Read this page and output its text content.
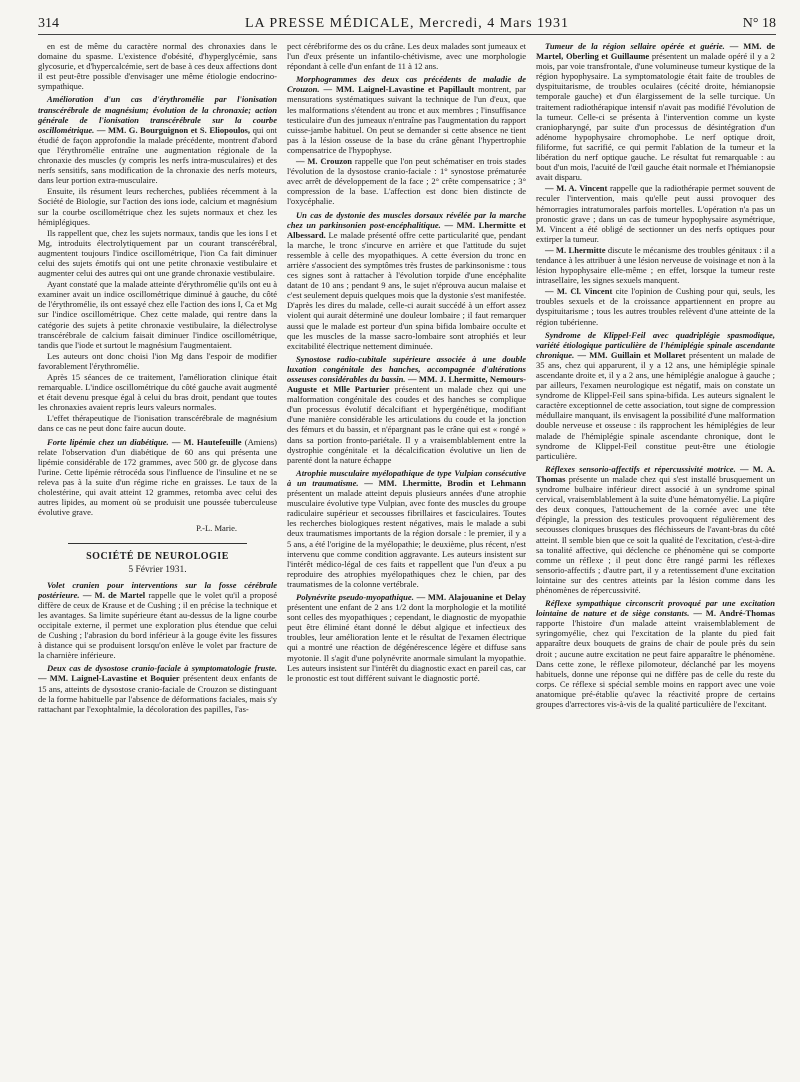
314	LA PRESSE MÉDICALE, Mercredi, 4 Mars 1931	N° 18

en est de même du caractère normal des chronaxies dans le domaine du spasme. L'existence d'obésité, d'hyperglycémie, sans glycosurie, et d'hypercalcémie, sert de base à ces deux affections dont il est peut-être possible d'envisager une même étiologie endocrino-sympathique.

Amélioration d'un cas d'érythromélie par l'ionisation transcérébrale de magnésium; évolution de la chronaxie; action générale de l'ionisation transcérébrale sur la courbe oscillométrique. — MM. G. Bourguignon et S. Eliopoulos, qui ont étudié de façon approfondie la malade précédente, montrent d'abord que l'érythromélie entraîne une augmentation régionale de la chronaxie des muscles (y compris les nerfs intra-musculaires) et des nerfs sensitifs, sans modification de la chronaxie des nerfs moteurs, dans leur portion extra-musculaire.

Ensuite, ils résument leurs recherches, publiées récemment à la Société de Biologie, sur l'action des ions iode, calcium et magnésium sur la courbe oscillométrique chez les sujets normaux et chez les hémiplégiques.

Ils rappellent que, chez les sujets normaux, tandis que les ions I et Mg, introduits électrolytiquement par un courant transcérébral, augmentent toujours l'indice oscillométrique, l'ion Ca fait diminuer celui des sujets émotifs qui ont une petite chronaxie vestibulaire et augmenter celui des autres qui ont une grande chronaxie vestibulaire.

Ayant constaté que la malade atteinte d'érythromélie qu'ils ont eu à examiner avait un indice oscillométrique diminué à gauche, du côté de l'érythromélie, ils ont essayé chez elle l'action des ions I, Ca et Mg sur l'indice oscillométrique. Chez cette malade, qui rentre dans la catégorie des sujets à petite chronaxie vestibulaire, la diélectrolyse transcérébrale de calcium faisait diminuer l'indice oscillométrique, tandis que l'iode et surtout le magnésium l'augmentaient.

Les auteurs ont donc choisi l'ion Mg dans l'espoir de modifier favorablement l'érythromélie.

Après 15 séances de ce traitement, l'amélioration clinique était remarquable. L'indice oscillométrique du côté gauche avait augmenté et était devenu presque égal à celui du bras droit, pendant que toutes les chronaxies avaient repris leurs valeurs normales.

L'effet thérapeutique de l'ionisation transcérébrale de magnésium dans ce cas ne peut donc faire aucun doute.

Forte lipémie chez un diabétique. — M. Hautefeuille (Amiens) relate l'observation d'un diabétique de 60 ans qui présenta une lipémie considérable de 172 grammes, avec 500 gr. de glycose dans l'urine. Cette lipémie rétrocéda sous l'influence de l'insuline et ne se releva pas à la suite d'un régime riche en graisses. Le taux de la cholestérine, qui avait atteint 12 grammes, retomba avec celui des autres lipides, au moment où se produisit une poussée tuberculeuse évolutive grave.

P.-L. Marie.

SOCIÉTÉ DE NEUROLOGIE
5 Février 1931.

Volet cranien pour interventions sur la fosse cérébrale postérieure. — M. de Martel rappelle que le volet qu'il a proposé diffère de ceux de Krause et de Cushing ; il en précise la technique et les avantages. Sa limite supérieure étant au-dessus de la ligne courbe occipitale externe, il permet une exploration plus étendue que celui de Cushing ; l'abrasion du bord inférieur à la gouge évite les fissures à distance qui se produisent lorsqu'on enlève le volet par fracture de la charnière inférieure.

Deux cas de dysostose cranio-faciale à symptomatologie fruste. — MM. Laignel-Lavastine et Boquier présentent deux enfants de 15 ans, atteints de dysostose cranio-faciale de Crouzon se distinguant de la forme habituelle par l'absence de déformations faciales, mais s'y rattachant par l'exophtalmie, la décoloration des papilles, l'as-

pect cérébriforme des os du crâne. Les deux malades sont jumeaux et l'un d'eux présente un infantilo-chétivisme, avec une morphologie répondant à celle d'un enfant de 11 à 12 ans.

Morphogrammes des deux cas précédents de maladie de Crouzon. — MM. Laignel-Lavastine et Papillault montrent, par mensurations systématiques suivant la technique de l'un d'eux, que les malformations s'étendent au tronc et aux membres ; l'insuffisance testiculaire d'un des jumeaux n'entraîne pas l'augmentation du rapport cuisse-jambe habituel. On peut se demander si cette absence ne tient pas à la lésion osseuse de la base du crâne gênant l'hypertrophie compensatrice de l'hypophyse.

— M. Crouzon rappelle que l'on peut schématiser en trois stades l'évolution de la dysostose cranio-faciale : 1° synostose prématurée avec arrêt de développement de la face ; 2° crête compensatrice ; 3° compression de la base. L'affection est donc bien distincte de l'oxycéphalie.

Un cas de dystonie des muscles dorsaux révélée par la marche chez un parkinsonien post-encéphalitique. — MM. Lhermitte et Albessard. Le malade présenté offre cette particularité que, pendant la marche, le tronc s'incurve en arrière et que l'attitude du sujet ressemble à celle des myopathiques. A cette éversion du tronc en arrière s'associent des symptômes très frustes de parkinsonisme : tous ces signes sont à rattacher à l'évolution torpide d'une encéphalite datant de 10 ans ; pendant 9 ans, le sujet n'éprouva aucun malaise et c'est seulement depuis quelques mois que la dystonie s'est manifestée. D'après les dires du malade, celle-ci aurait succédé à un effort assez violent qui aurait déterminé une douleur lombaire ; il faut remarquer aussi que le malade est porteur d'un spina bifida lombaire occulte et que les muscles de la masse sacro-lombaire sont atrophiés et leur excitabilité électrique nettement diminuée.

Synostose radio-cubitale supérieure associée à une double luxation congénitale des hanches, accompagnée d'altérations osseuses considérables du bassin. — MM. J. Lhermitte, Nemours-Auguste et Mlle Parturier présentent un malade chez qui une malformation congénitale des coudes et des hanches se complique d'un processus évolutif décalcifiant et hypergénétique, modifiant d'une manière considérable les articulations du coude et la jonction des fémurs et du bassin, et n'épargnant pas le crâne qui est « rongé » dans sa portion fronto-pariétale. Il y a vraisemblablement entre la dystrophie congénitale et la décalcification évolutive un lien de parenté dont la nature échappe

Atrophie musculaire myélopathique de type Vulpian consécutive à un traumatisme. — MM. Lhermitte, Brodin et Lehmann présentent un malade atteint depuis plusieurs années d'une atrophie musculaire évolutive type Vulpian, avec fonte des muscles du groupe radiculaire supérieur et secousses fibrillaires et fasciculaires. Toutes les recherches biologiques restent négatives, mais le malade a subi deux traumatismes importants de la région dorsale : le premier, il y a 5 ans, a été l'origine de la myélopathie; le deuxième, plus récent, n'est intervenu que comme condition aggravante. Les auteurs insistent sur l'intérêt médico-légal de ces faits et rappellent que l'un d'eux a pu reproduire des atrophies myélopathiques chez le chien, par des traumatismes de la colonne vertébrale.

Polynévrite pseudo-myopathique. — MM. Alajouanine et Delay présentent une enfant de 2 ans 1/2 dont la morphologie et la motilité sont celles des myopathiques ; cependant, le diagnostic de myopathie peut être éliminé étant donné le début algique et infectieux des troubles, leur amélioration lente et le résultat de l'examen électrique qui a montré une réaction de dégénérescence légère et diffuse sans myotonie. Il s'agit d'une polynévrite anormale simulant la myopathie. Les auteurs insistent sur l'intérêt du diagnostic exact en pareil cas, car le pronostic est tout différent suivant le diagnostic porté.

Tumeur de la région sellaire opérée et guérie. — MM. de Martel, Oberling et Guillaume présentent un malade opéré il y a 2 mois, par voie transfrontale, d'une volumineuse tumeur kystique de la région hypophysaire. La symptomatologie était faite de troubles de dyspituitarisme, de troubles oculaires (cécité droite, hémianopsie temporale gauche) et d'un élargissement de la selle turcique. Un traitement radiothérapique intensif n'avait pas modifié l'évolution de la tumeur. Celle-ci se présenta à l'intervention comme un kyste craniopharyngé, par suite d'un processus de désintégration d'un adénome hypophysaire chromophobe. Le nerf optique droit, filiforme, fut sacrifié, ce qui permit l'ablation de la tumeur et la libération du nerf optique gauche. Le résultat fut remarquable : au bout d'un mois, l'acuité de l'œil gauche était normale et l'hémianopsie avait disparu.

— M. A. Vincent rappelle que la radiothérapie permet souvent de reculer l'intervention, mais qu'elle peut aussi provoquer des hémorragies intratumorales parfois mortelles. L'opération n'a pas un pronostic grave ; dans un cas de tumeur hypophysaire asymétrique, M. Vincent a été obligé de sectionner un des nerfs optiques pour extirper la tumeur.

— M. Lhermitte discute le mécanisme des troubles génitaux : il a tendance à les attribuer à une lésion nerveuse de voisinage et non à la lésion hypophysaire elle-même ; en effet, lorsque la tumeur reste intraselIaire, les signes sexuels manquent.

— M. Cl. Vincent cite l'opinion de Cushing pour qui, seuls, les troubles sexuels et de la croissance appartiennent en propre au dyspituitarisme ; tous les autres troubles relèvent d'une atteinte de la région tubérienne.

Syndrome de Klippel-Feil avec quadriplégie spasmodique, variété étiologique particulière de l'hémiplégie spinale ascendante chronique. — MM. Guillain et Mollaret présentent un malade de 35 ans, chez qui apparurent, il y a 12 ans, une hémiplégie spinale ascendante droite et, il y a 2 ans, une hémiplégie analogue à gauche ; par ailleurs, l'examen neurologique est négatif, mais on constate un syndrome de Klippel-Feil sans spina-bifida. Les auteurs signalent le caractère exceptionnel de cette association, tout signe de compression médullaire manquant, ils envisagent la possibilité d'une malformation double nerveuse et osseuse : ils rapprochent les hémiplégies de leur malade de l'hémiplégie spinale ascendante chronique, dont le syndrome de Klippel-Feil constitue peut-être une étiologie particulière.

Réflexes sensorio-affectifs et répercussivité motrice. — M. A. Thomas présente un malade chez qui s'est installé brusquement un syndrome bulbaire inférieur direct associé à un syndrome spinal cervical, vraisemblablement à la suite d'une hématomyélie. La piqûre des deux conques, l'attouchement de la cornée avec une tête d'épingle, la pression des testicules provoquent régulièrement des secousses cloniques brusques des fléchisseurs de l'avant-bras du côté atteint. Il semble bien que ce soit la qualité de l'excitation, c'est-à-dire sa tonalité affective, qui déclenche ce phénomène qui se comporte comme un réflexe ; il peut donc être rangé parmi les réflexes sensorio-affectifs ; d'autre part, il y a retentissement d'une excitation lointaine sur des centres atteints par la lésion comme dans les phénomènes de répercussivité.

Réflexe sympathique circonscrit provoqué par une excitation lointaine de nature et de siège constants. — M. André-Thomas rapporte l'histoire d'un malade atteint vraisemblablement de syringomyélie, chez qui l'excitation de la plante du pied fait apparaître deux bouquets de grains de chair de poule près du sein droit ; aucune autre excitation ne peut faire apparaître le phénomène. Dans cette zone, le réflexe pilomoteur, déclanché par les moyens habituels, donne une réponse qui ne diffère pas de celle du reste du corps. Ce réflexe si spécial semble moins en rapport avec une voie anatomique pré-établie qu'avec la réactivité propre de certains groupes d'arrectores vis-à-vis de la qualité particulière de l'excitant.
